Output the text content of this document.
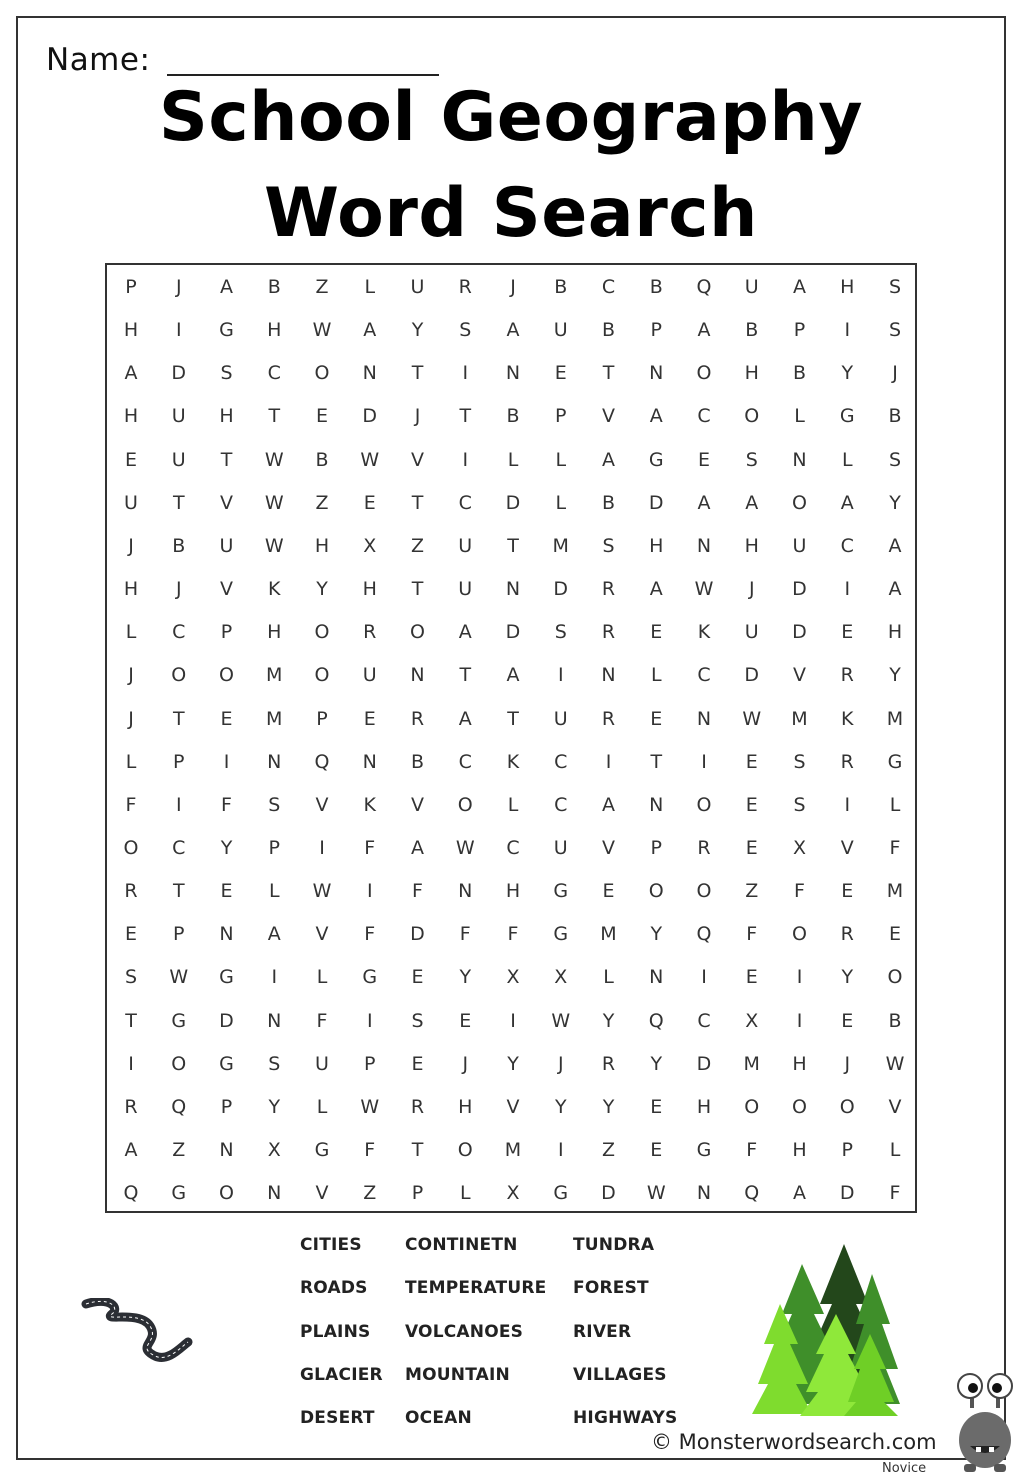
Name:
School Geography
Word Search
P	J	A	B	Z	L	U	R	J	B	C	B	Q	U	A	H	S
H	I	G	H	W	A	Y	S	A	U	B	P	A	B	P	I	S
A	D	S	C	O	N	T	I	N	E	T	N	O	H	B	Y	J
H	U	H	T	E	D	J	T	B	P	V	A	C	O	L	G	B
E	U	T	W	B	W	V	I	L	L	A	G	E	S	N	L	S
U	T	V	W	Z	E	T	C	D	L	B	D	A	A	O	A	Y
J	B	U	W	H	X	Z	U	T	M	S	H	N	H	U	C	A
H	J	V	K	Y	H	T	U	N	D	R	A	W	J	D	I	A
L	C	P	H	O	R	O	A	D	S	R	E	K	U	D	E	H
J	O	O	M	O	U	N	T	A	I	N	L	C	D	V	R	Y
J	T	E	M	P	E	R	A	T	U	R	E	N	W	M	K	M
L	P	I	N	Q	N	B	C	K	C	I	T	I	E	S	R	G
F	I	F	S	V	K	V	O	L	C	A	N	O	E	S	I	L
O	C	Y	P	I	F	A	W	C	U	V	P	R	E	X	V	F
R	T	E	L	W	I	F	N	H	G	E	O	O	Z	F	E	M
E	P	N	A	V	F	D	F	F	G	M	Y	Q	F	O	R	E
S	W	G	I	L	G	E	Y	X	X	L	N	I	E	I	Y	O
T	G	D	N	F	I	S	E	I	W	Y	Q	C	X	I	E	B
I	O	G	S	U	P	E	J	Y	J	R	Y	D	M	H	J	W
R	Q	P	Y	L	W	R	H	V	Y	Y	E	H	O	O	O	V
A	Z	N	X	G	F	T	O	M	I	Z	E	G	F	H	P	L
Q	G	O	N	V	Z	P	L	X	G	D	W	N	Q	A	D	F
CITIES
ROADS
PLAINS
GLACIER
DESERT
CONTINETN
TEMPERATURE
VOLCANOES
MOUNTAIN
OCEAN
TUNDRA
FOREST
RIVER
VILLAGES
HIGHWAYS
© Monsterwordsearch.com
Novice
